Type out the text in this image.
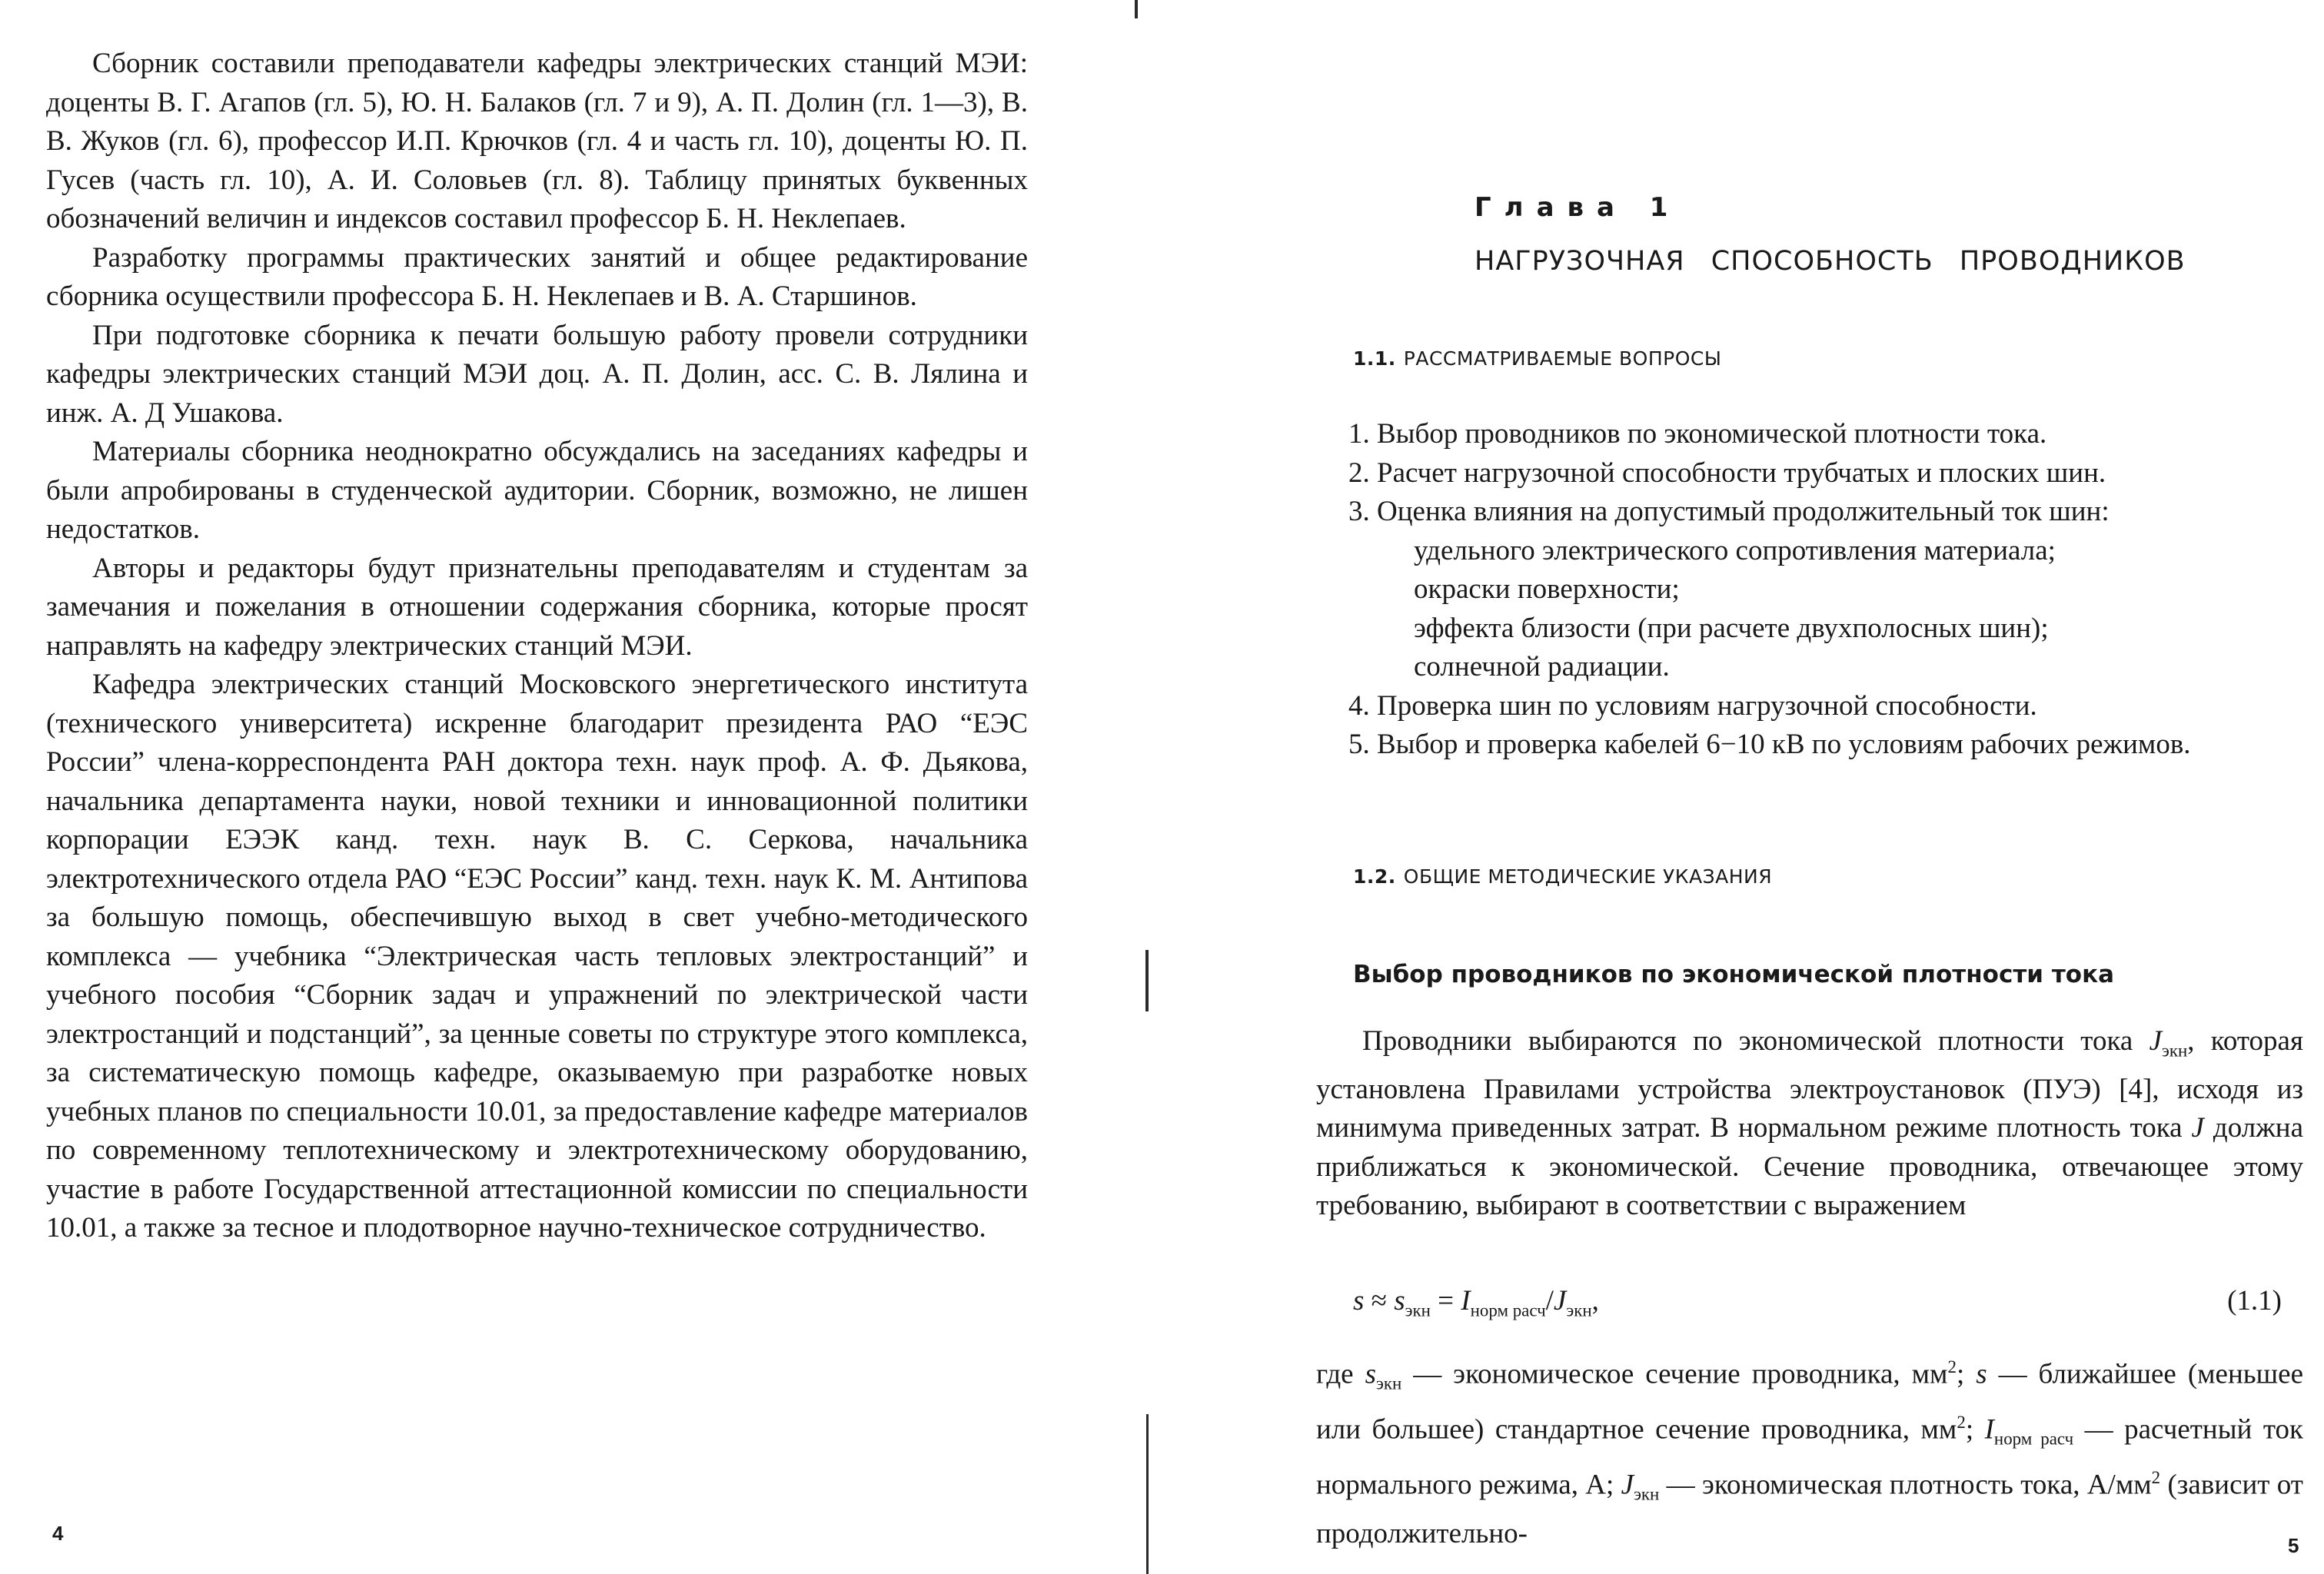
Сборник составили преподаватели кафедры электрических станций МЭИ: доценты В. Г. Агапов (гл. 5), Ю. Н. Балаков (гл. 7 и 9), А. П. Долин (гл. 1—3), В. В. Жуков (гл. 6), профессор И.П. Крючков (гл. 4 и часть гл. 10), доценты Ю. П. Гусев (часть гл. 10), А. И. Соловьев (гл. 8). Таблицу принятых буквенных обозначений величин и индексов составил профессор Б. Н. Неклепаев.

Разработку программы практических занятий и общее редактирование сборника осуществили профессора Б. Н. Неклепаев и В. А. Старшинов.

При подготовке сборника к печати большую работу провели сотрудники кафедры электрических станций МЭИ доц. А. П. Долин, асс. С. В. Лялина и инж. А. Д Ушакова.

Материалы сборника неоднократно обсуждались на заседаниях кафедры и были апробированы в студенческой аудитории. Сборник, возможно, не лишен недостатков.

Авторы и редакторы будут признательны преподавателям и студентам за замечания и пожелания в отношении содержания сборника, которые просят направлять на кафедру электрических станций МЭИ.

Кафедра электрических станций Московского энергетического института (технического университета) искренне благодарит президента РАО “ЕЭС России” члена-корреспондента РАН доктора техн. наук проф. А. Ф. Дьякова, начальника департамента науки, новой техники и инновационной политики корпорации ЕЭЭК канд. техн. наук В. С. Серкова, начальника электротехнического отдела РАО “ЕЭС России” канд. техн. наук К. М. Антипова за большую помощь, обеспечившую выход в свет учебно-методического комплекса — учебника “Электрическая часть тепловых электростанций” и учебного пособия “Сборник задач и упражнений по электрической части электростанций и подстанций”, за ценные советы по структуре этого комплекса, за систематическую помощь кафедре, оказываемую при разработке новых учебных планов по специальности 10.01, за предоставление кафедре материалов по современному теплотехническому и электротехническому оборудованию, участие в работе Государственной аттестационной комиссии по специальности 10.01, а также за тесное и плодотворное научно-техническое сотрудничество.

4
Глава 1
НАГРУЗОЧНАЯ СПОСОБНОСТЬ ПРОВОДНИКОВ
1.1. РАССМАТРИВАЕМЫЕ ВОПРОСЫ

1. Выбор проводников по экономической плотности тока.

2. Расчет нагрузочной способности трубчатых и плоских шин.

3. Оценка влияния на допустимый продолжительный ток шин:

удельного электрического сопротивления материала;

окраски поверхности;

эффекта близости (при расчете двухполосных шин);

солнечной радиации.

4. Проверка шин по условиям нагрузочной способности.

5. Выбор и проверка кабелей 6−10 кВ по условиям рабочих режимов.

1.2. ОБЩИЕ МЕТОДИЧЕСКИЕ УКАЗАНИЯ
Выбор проводников по экономической плотности тока

Проводники выбираются по экономической плотности тока $J_{экн}$, которая установлена Правилами устройства электроустановок (ПУЭ) [4], исходя из минимума приведенных затрат. В нормальном режиме плотность тока J должна приближаться к экономической. Сечение проводника, отвечающее этому требованию, выбирают в соответствии с выражением

$s \approx s_{экн} = I_{норм расч}/J_{экн}$,	(1.1)

где $s_{экн}$ — экономическое сечение проводника, $мм^2$; s — ближайшее (меньшее или большее) стандартное сечение проводника, $мм^2$; $I_{норм расч}$ — расчетный ток нормального режима, А; $J_{экн}$ — экономическая плотность тока, $А/мм^2$ (зависит от продолжительно-	5
